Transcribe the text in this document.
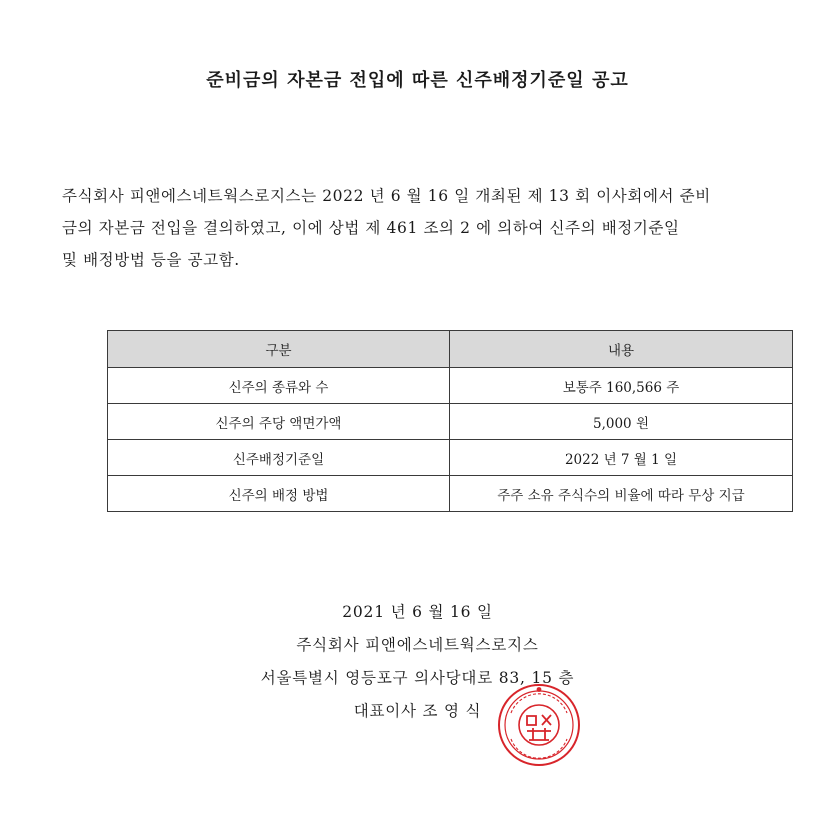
준비금의 자본금 전입에 따른 신주배정기준일 공고

주식회사 피앤에스네트웍스로지스는 2022 년 6 월 16 일 개최된 제 13 회 이사회에서 준비

금의 자본금 전입을 결의하였고, 이에 상법 제 461 조의 2 에 의하여 신주의 배정기준일

및 배정방법 등을 공고함.

구분	내용
신주의 종류와 수	보통주 160,566 주
신주의 주당 액면가액	5,000 원
신주배정기준일	2022 년 7 월 1 일
신주의 배정 방법	주주 소유 주식수의 비율에 따라 무상 지급
2021 년 6 월 16 일
주식회사 피앤에스네트웍스로지스
서울특별시 영등포구 의사당대로 83, 15 층
대표이사 조 영 식
